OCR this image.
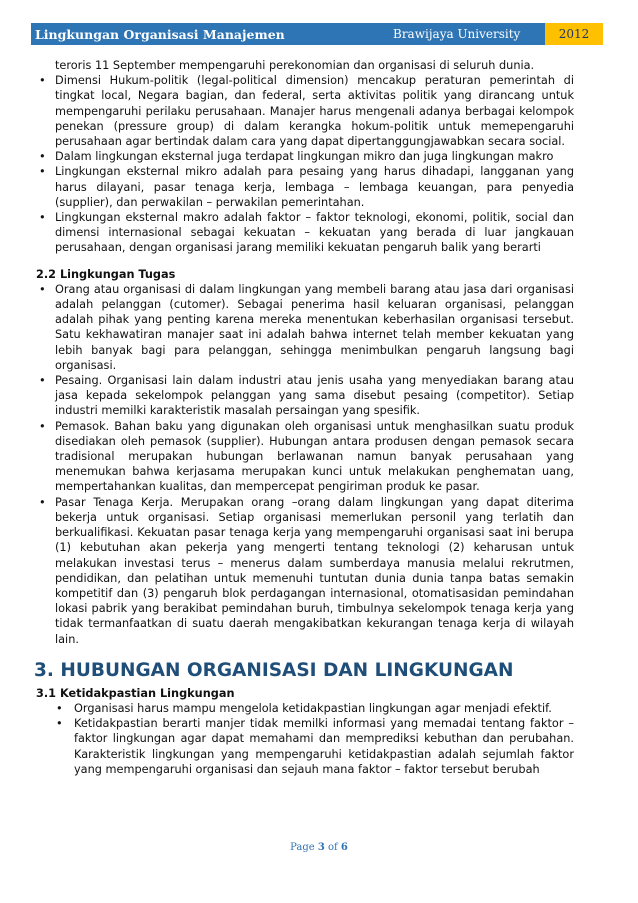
Lingkungan Organisasi Manajemen	Brawijaya University	2012
teroris 11 September mempengaruhi perekonomian dan organisasi di seluruh dunia.
• Dimensi Hukum-politik (legal-political dimension) mencakup peraturan pemerintah di tingkat local, Negara bagian, dan federal, serta aktivitas politik yang dirancang untuk mempengaruhi perilaku perusahaan. Manajer harus mengenali adanya berbagai kelompok penekan (pressure group) di dalam kerangka hokum-politik untuk memepengaruhi perusahaan agar bertindak dalam cara yang dapat dipertanggungjawabkan secara social.
• Dalam lingkungan eksternal juga terdapat lingkungan mikro dan juga lingkungan makro
• Lingkungan eksternal mikro adalah para pesaing yang harus dihadapi, langganan yang harus dilayani, pasar tenaga kerja, lembaga – lembaga keuangan, para penyedia (supplier), dan perwakilan – perwakilan pemerintahan.
• Lingkungan eksternal makro adalah faktor – faktor teknologi, ekonomi, politik, social dan dimensi internasional sebagai kekuatan – kekuatan yang berada di luar jangkauan perusahaan, dengan organisasi jarang memiliki kekuatan pengaruh balik yang berarti
2.2 Lingkungan Tugas
• Orang atau organisasi di dalam lingkungan yang membeli barang atau jasa dari organisasi adalah pelanggan (cutomer). Sebagai penerima hasil keluaran organisasi, pelanggan adalah pihak yang penting karena mereka menentukan keberhasilan organisasi tersebut. Satu kekhawatiran manajer saat ini adalah bahwa internet telah member kekuatan yang lebih banyak bagi para pelanggan, sehingga menimbulkan pengaruh langsung bagi organisasi.
• Pesaing. Organisasi lain dalam industri atau jenis usaha yang menyediakan barang atau jasa kepada sekelompok pelanggan yang sama disebut pesaing (competitor). Setiap industri memilki karakteristik masalah persaingan yang spesifik.
• Pemasok. Bahan baku yang digunakan oleh organisasi untuk menghasilkan suatu produk disediakan oleh pemasok (supplier). Hubungan antara produsen dengan pemasok secara tradisional merupakan hubungan berlawanan namun banyak perusahaan yang menemukan bahwa kerjasama merupakan kunci untuk melakukan penghematan uang, mempertahankan kualitas, dan mempercepat pengiriman produk ke pasar.
• Pasar Tenaga Kerja. Merupakan orang –orang dalam lingkungan yang dapat diterima bekerja untuk organisasi. Setiap organisasi memerlukan personil yang terlatih dan berkualifikasi. Kekuatan pasar tenaga kerja yang mempengaruhi organisasi saat ini berupa (1) kebutuhan akan pekerja yang mengerti tentang teknologi (2) keharusan untuk melakukan investasi terus – menerus dalam sumberdaya manusia melalui rekrutmen, pendidikan, dan pelatihan untuk memenuhi tuntutan dunia dunia tanpa batas semakin kompetitif dan (3) pengaruh blok perdagangan internasional, otomatisasidan pemindahan lokasi pabrik yang berakibat pemindahan buruh, timbulnya sekelompok tenaga kerja yang tidak termanfaatkan di suatu daerah mengakibatkan kekurangan tenaga kerja di wilayah lain.
3. HUBUNGAN ORGANISASI DAN LINGKUNGAN
3.1 Ketidakpastian Lingkungan
• Organisasi harus mampu mengelola ketidakpastian lingkungan agar menjadi efektif.
• Ketidakpastian berarti manjer tidak memilki informasi yang memadai tentang faktor – faktor lingkungan agar dapat memahami dan memprediksi kebuthan dan perubahan. Karakteristik lingkungan yang mempengaruhi ketidakpastian adalah sejumlah faktor yang mempengaruhi organisasi dan sejauh mana faktor – faktor tersebut berubah
Page 3 of 6
